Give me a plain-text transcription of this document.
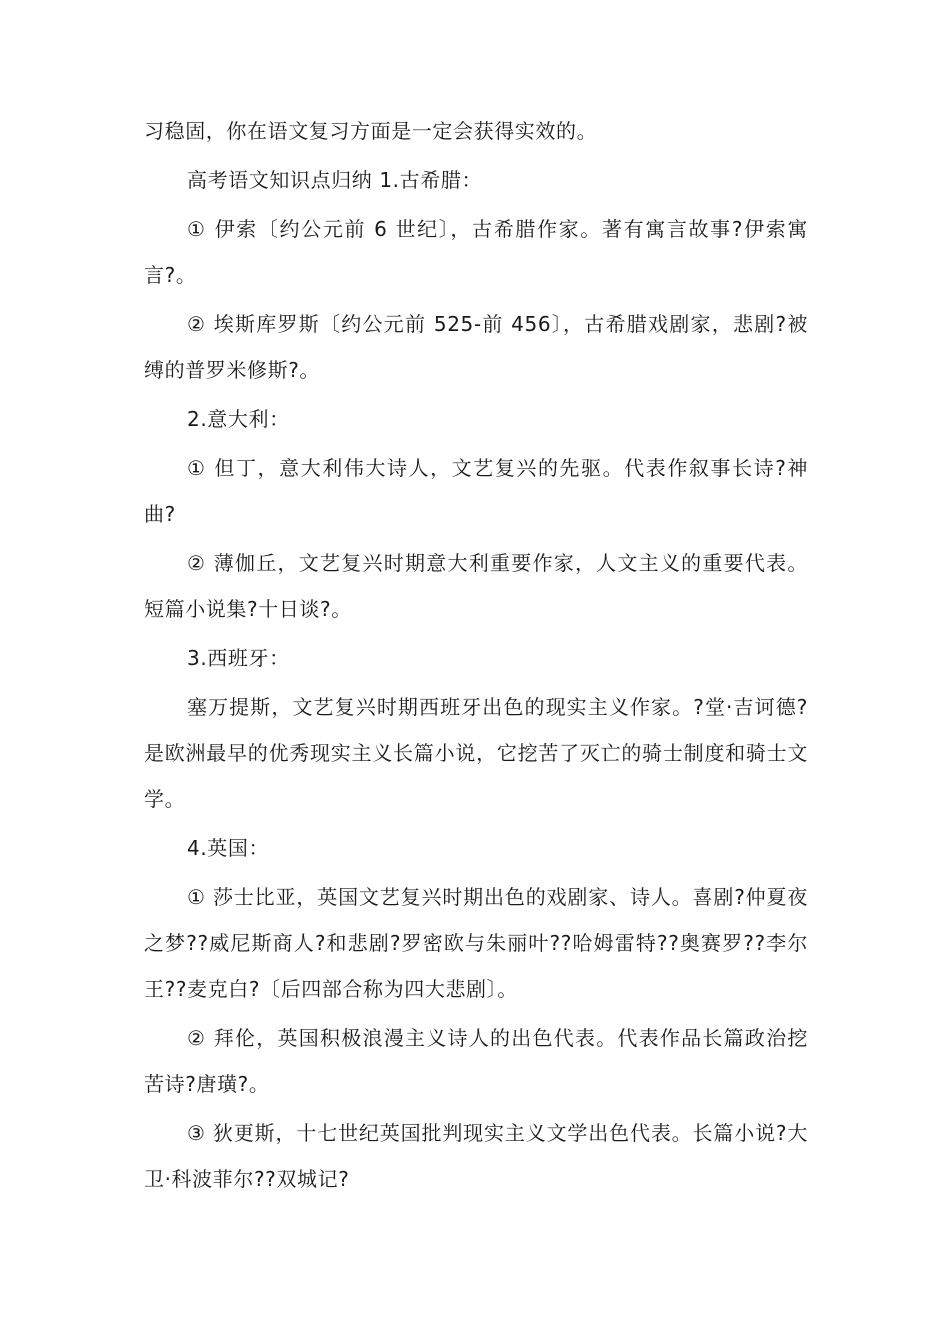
习稳固，你在语文复习方面是一定会获得实效的。

高考语文知识点归纳 1.古希腊：

① 伊索〔约公元前 6 世纪〕，古希腊作家。著有寓言故事?伊索寓言?。

② 埃斯库罗斯〔约公元前 525-前 456〕，古希腊戏剧家，悲剧?被缚的普罗米修斯?。

2.意大利：

① 但丁，意大利伟大诗人，文艺复兴的先驱。代表作叙事长诗?神曲?

② 薄伽丘，文艺复兴时期意大利重要作家，人文主义的重要代表。短篇小说集?十日谈?。

3.西班牙：

塞万提斯，文艺复兴时期西班牙出色的现实主义作家。?堂·吉诃德?是欧洲最早的优秀现实主义长篇小说，它挖苦了灭亡的骑士制度和骑士文学。

4.英国：

① 莎士比亚，英国文艺复兴时期出色的戏剧家、诗人。喜剧?仲夏夜之梦??威尼斯商人?和悲剧?罗密欧与朱丽叶??哈姆雷特??奥赛罗??李尔王??麦克白?〔后四部合称为四大悲剧〕。

② 拜伦，英国积极浪漫主义诗人的出色代表。代表作品长篇政治挖苦诗?唐璜?。

③ 狄更斯，十七世纪英国批判现实主义文学出色代表。长篇小说?大卫·科波菲尔??双城记?
